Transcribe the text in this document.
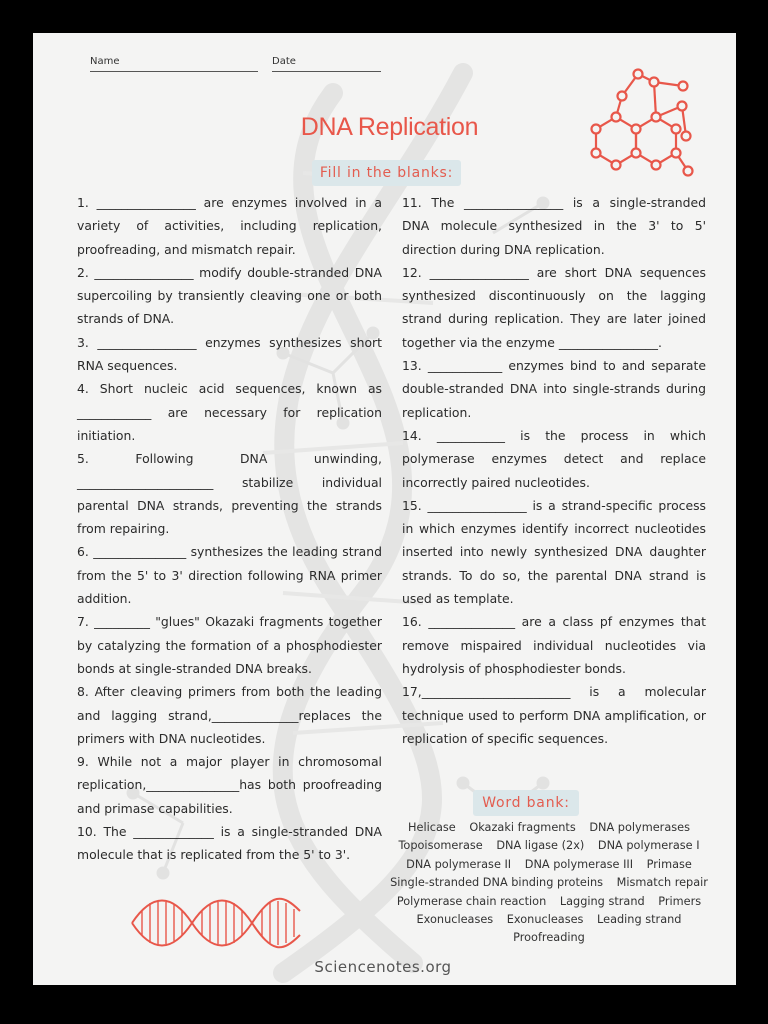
Name	Date
DNA Replication
Fill in the blanks:

1. ________________ are enzymes involved in a variety of activities, including replication, proofreading, and mismatch repair.

2. ________________ modify double-stranded DNA supercoiling by transiently cleaving one or both strands of DNA.

3. ________________ enzymes synthesizes short RNA sequences.

4. Short nucleic acid sequences, known as ____________ are necessary for replication initiation.

5. Following DNA unwinding, ______________________ stabilize individual parental DNA strands, preventing the strands from repairing.

6. _______________ synthesizes the leading strand from the 5' to 3' direction following RNA primer addition.

7. _________ "glues" Okazaki fragments together by catalyzing the formation of a phosphodiester bonds at single-stranded DNA breaks.

8. After cleaving primers from both the leading and lagging strand,______________replaces the primers with DNA nucleotides.

9. While not a major player in chromosomal replication,_______________has both proofreading and primase capabilities.

10. The _____________ is a single-stranded DNA molecule that is replicated from the 5' to 3'.

11. The ________________ is a single-stranded DNA molecule synthesized in the 3' to 5' direction during DNA replication.

12. ________________ are short DNA sequences synthesized discontinuously on the lagging strand during replication. They are later joined together via the enzyme ________________.

13. ____________ enzymes bind to and separate double-stranded DNA into single-strands during replication.

14. ___________ is the process in which polymerase enzymes detect and replace incorrectly paired nucleotides.

15. ________________ is a strand-specific process in which enzymes identify incorrect nucleotides inserted into newly synthesized DNA daughter strands. To do so, the parental DNA strand is used as template.

16. ______________ are a class pf enzymes that remove mispaired individual nucleotides via hydrolysis of phosphodiester bonds.

17,________________________ is a molecular technique used to perform DNA amplification, or replication of specific sequences.

Word bank:
Helicase Okazaki fragments DNA polymerases Topoisomerase DNA ligase (2x) DNA polymerase I DNA polymerase II DNA polymerase III Primase Single-stranded DNA binding proteins Mismatch repair Polymerase chain reaction Lagging strand Primers Exonucleases Exonucleases Leading strand Proofreading
Sciencenotes.org
